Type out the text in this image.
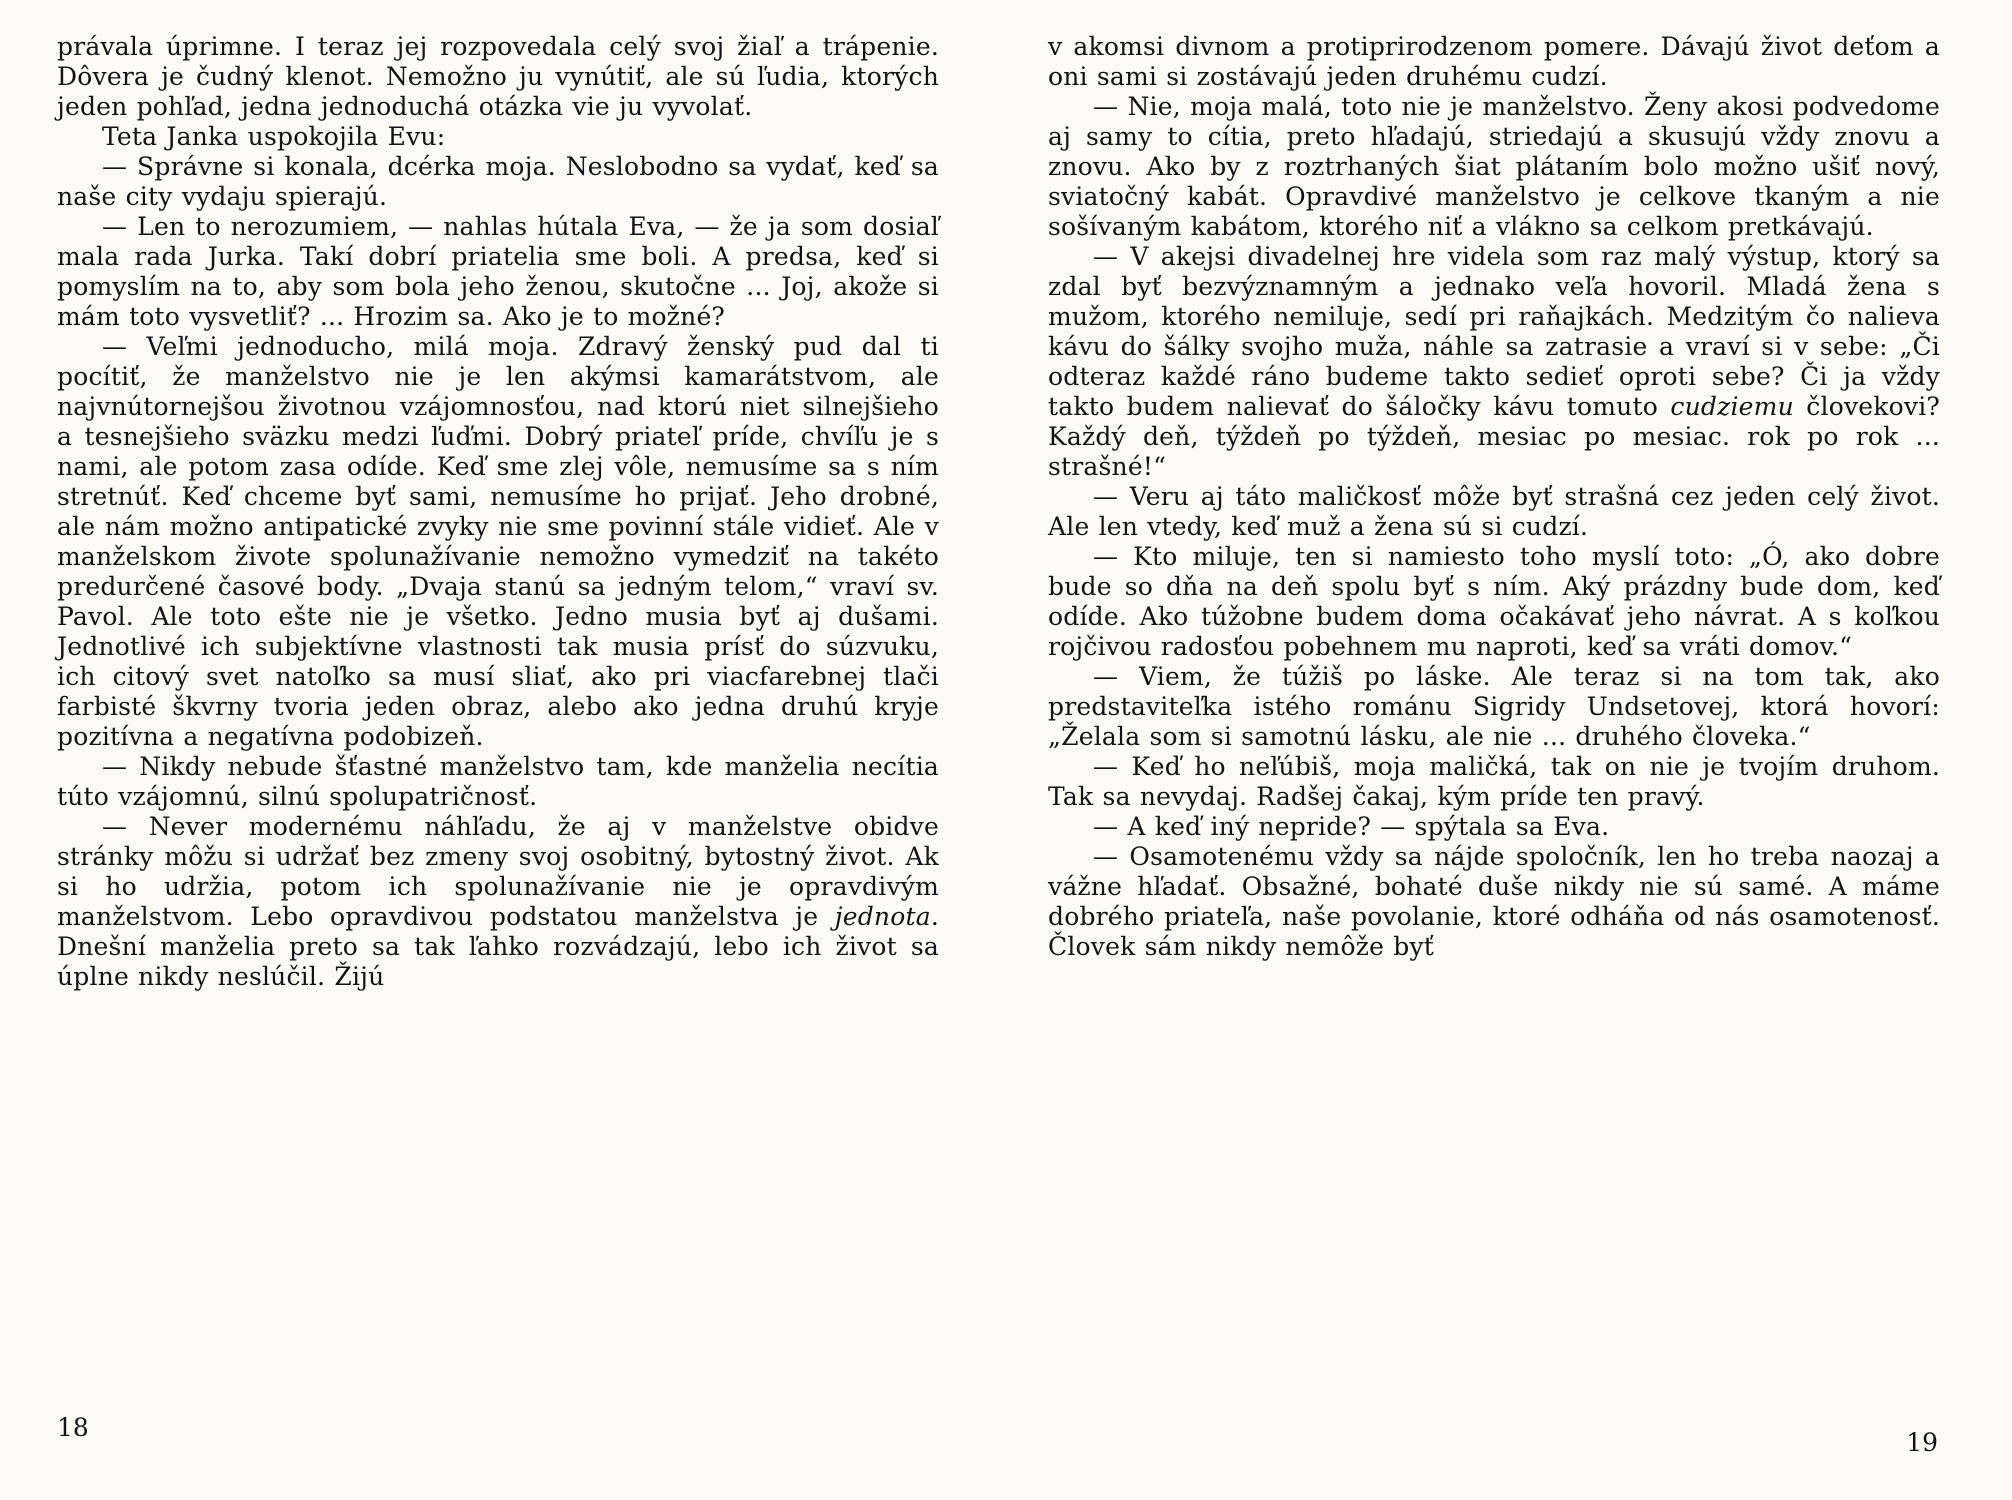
právala úprimne. I teraz jej rozpovedala celý svoj žiaľ a trápenie. Dôvera je čudný klenot. Nemožno ju vynútiť, ale sú ľudia, ktorých jeden pohľad, jedna jednoduchá otázka vie ju vyvolať.

Teta Janka uspokojila Evu:

— Správne si konala, dcérka moja. Neslobodno sa vydať, keď sa naše city vydaju spierajú.

— Len to nerozumiem, — nahlas hútala Eva, — že ja som dosiaľ mala rada Jurka. Takí dobrí priatelia sme boli. A predsa, keď si pomyslím na to, aby som bola jeho ženou, skutočne ... Joj, akože si mám toto vysvetliť? ... Hrozim sa. Ako je to možné?

— Veľmi jednoducho, milá moja. Zdravý ženský pud dal ti pocítiť, že manželstvo nie je len akýmsi kamarátstvom, ale najvnútornejšou životnou vzájomnosťou, nad ktorú niet silnejšieho a tesnejšieho sväzku medzi ľuďmi. Dobrý priateľ príde, chvíľu je s nami, ale potom zasa odíde. Keď sme zlej vôle, nemusíme sa s ním stretnúť. Keď chceme byť sami, nemusíme ho prijať. Jeho drobné, ale nám možno antipatické zvyky nie sme povinní stále vidieť. Ale v manželskom živote spolunažívanie nemožno vymedziť na takéto predurčené časové body. „Dvaja stanú sa jedným telom,“ vraví sv. Pavol. Ale toto ešte nie je všetko. Jedno musia byť aj dušami. Jednotlivé ich subjektívne vlastnosti tak musia prísť do súzvuku, ich citový svet natoľko sa musí sliať, ako pri viacfarebnej tlači farbisté škvrny tvoria jeden obraz, alebo ako jedna druhú kryje pozitívna a negatívna podobizeň.

— Nikdy nebude šťastné manželstvo tam, kde manželia necítia túto vzájomnú, silnú spolupatričnosť.

— Never modernému náhľadu, že aj v manželstve obidve stránky môžu si udržať bez zmeny svoj osobitný, bytostný život. Ak si ho udržia, potom ich spolunažívanie nie je opravdivým manželstvom. Lebo opravdivou podstatou manželstva je jednota. Dnešní manželia preto sa tak ľahko rozvádzajú, lebo ich život sa úplne nikdy neslúčil. Žijú

v akomsi divnom a protiprirodzenom pomere. Dávajú život deťom a oni sami si zostávajú jeden druhému cudzí.

— Nie, moja malá, toto nie je manželstvo. Ženy akosi podvedome aj samy to cítia, preto hľadajú, striedajú a skusujú vždy znovu a znovu. Ako by z roztrhaných šiat plátaním bolo možno ušiť nový, sviatočný kabát. Opravdivé manželstvo je celkove tkaným a nie sošívaným kabátom, ktorého niť a vlákno sa celkom pretkávajú.

— V akejsi divadelnej hre videla som raz malý výstup, ktorý sa zdal byť bezvýznamným a jednako veľa hovoril. Mladá žena s mužom, ktorého nemiluje, sedí pri raňajkách. Medzitým čo nalieva kávu do šálky svojho muža, náhle sa zatrasie a vraví si v sebe: „Či odteraz každé ráno budeme takto sedieť oproti sebe? Či ja vždy takto budem nalievať do šáločky kávu tomuto cudziemu človekovi? Každý deň, týždeň po týždeň, mesiac po mesiac. rok po rok ... strašné!“

— Veru aj táto maličkosť môže byť strašná cez jeden celý život. Ale len vtedy, keď muž a žena sú si cudzí.

— Kto miluje, ten si namiesto toho myslí toto: „Ó, ako dobre bude so dňa na deň spolu byť s ním. Aký prázdny bude dom, keď odíde. Ako túžobne budem doma očakávať jeho návrat. A s koľkou rojčivou radosťou pobehnem mu naproti, keď sa vráti domov.“

— Viem, že túžiš po láske. Ale teraz si na tom tak, ako predstaviteľka istého románu Sigridy Undsetovej, ktorá hovorí: „Želala som si samotnú lásku, ale nie ... druhého človeka.“

— Keď ho neľúbiš, moja maličká, tak on nie je tvojím druhom. Tak sa nevydaj. Radšej čakaj, kým príde ten pravý.

— A keď iný nepride? — spýtala sa Eva.

— Osamotenému vždy sa nájde spoločník, len ho treba naozaj a vážne hľadať. Obsažné, bohaté duše nikdy nie sú samé. A máme dobrého priateľa, naše povolanie, ktoré odháňa od nás osamotenosť. Človek sám nikdy nemôže byť

18
19
